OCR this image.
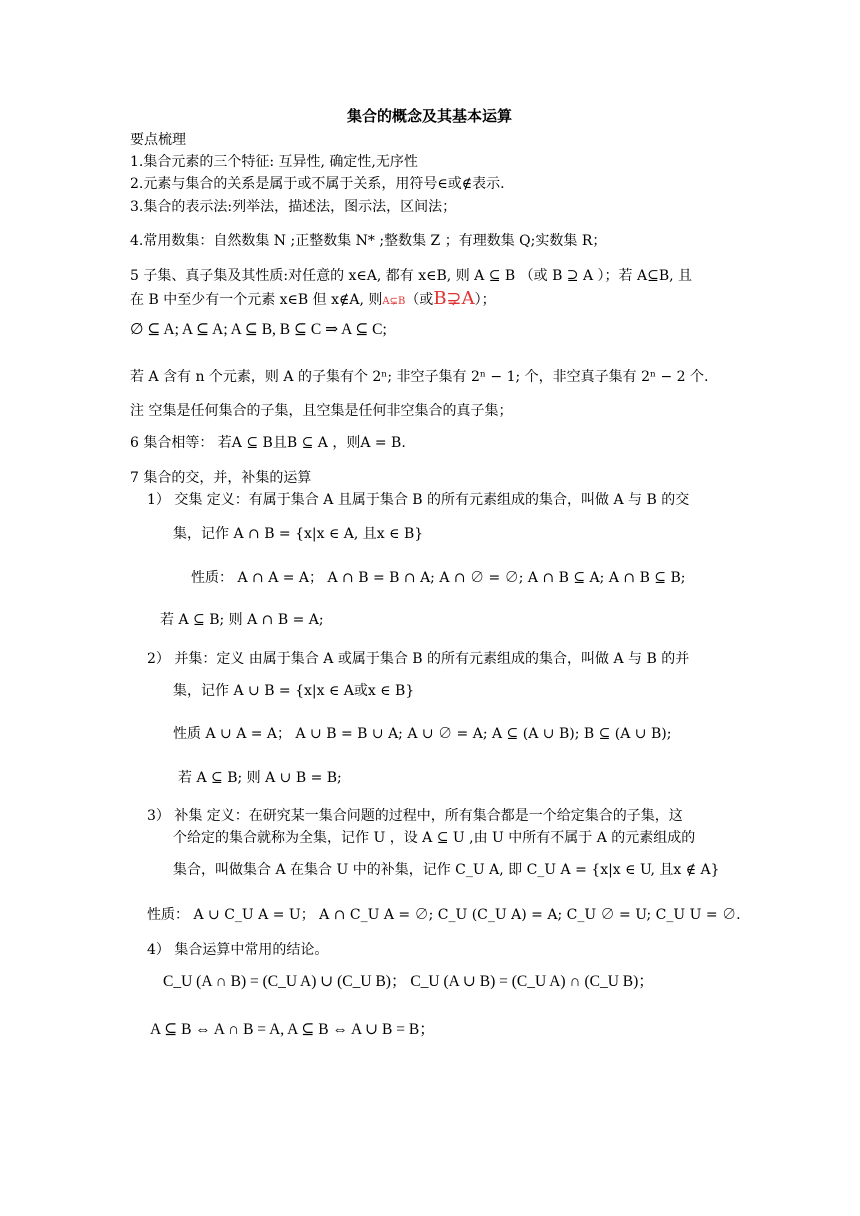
集合的概念及其基本运算
要点梳理
1.集合元素的三个特征: 互异性, 确定性,无序性
2.元素与集合的关系是属于或不属于关系，用符号∈或∉表示.
3.集合的表示法:列举法，描述法，图示法，区间法；
4.常用数集：自然数集 N ;正整数集 N* ;整数集 Z ；有理数集 Q;实数集 R；
5 子集、真子集及其性质:对任意的 x∈A, 都有 x∈B, 则 A ⊆ B （或 B ⊇ A ）；若 A⊆B, 且
在 B 中至少有一个元素 x∈B 但 x∉A, 则A⊊B（或B⊋A）；
∅ ⊆ A; A ⊆ A; A ⊆ B, B ⊆ C ⇒ A ⊆ C;
若 A 含有 n 个元素，则 A 的子集有个 2ⁿ; 非空子集有 2ⁿ − 1; 个，非空真子集有 2ⁿ − 2 个.
注 空集是任何集合的子集，且空集是任何非空集合的真子集；
6 集合相等： 若A ⊆ B且B ⊆ A ，则A = B.
7 集合的交，并，补集的运算
1） 交集 定义：有属于集合 A 且属于集合 B 的所有元素组成的集合，叫做 A 与 B 的交
集，记作 A ∩ B = {x|x ∈ A, 且x ∈ B}
性质： A ∩ A = A； A ∩ B = B ∩ A; A ∩ ∅ = ∅; A ∩ B ⊆ A; A ∩ B ⊆ B;
若 A ⊆ B; 则 A ∩ B = A;
2） 并集：定义 由属于集合 A 或属于集合 B 的所有元素组成的集合，叫做 A 与 B 的并
集，记作 A ∪ B = {x|x ∈ A或x ∈ B}
性质 A ∪ A = A； A ∪ B = B ∪ A; A ∪ ∅ = A; A ⊆ (A ∪ B); B ⊆ (A ∪ B);
若 A ⊆ B; 则 A ∪ B = B;
3） 补集 定义：在研究某一集合问题的过程中，所有集合都是一个给定集合的子集，这
个给定的集合就称为全集，记作 U ，设 A ⊆ U ,由 U 中所有不属于 A 的元素组成的
集合，叫做集合 A 在集合 U 中的补集，记作 C_U A, 即 C_U A = {x|x ∈ U, 且x ∉ A}
性质： A ∪ C_U A = U； A ∩ C_U A = ∅; C_U (C_U A) = A; C_U ∅ = U; C_U U = ∅.
4） 集合运算中常用的结论。
C_U (A ∩ B) = (C_U A) ∪ (C_U B)； C_U (A ∪ B) = (C_U A) ∩ (C_U B)；
A ⊆ B ⇔ A ∩ B = A, A ⊆ B ⇔ A ∪ B = B；
